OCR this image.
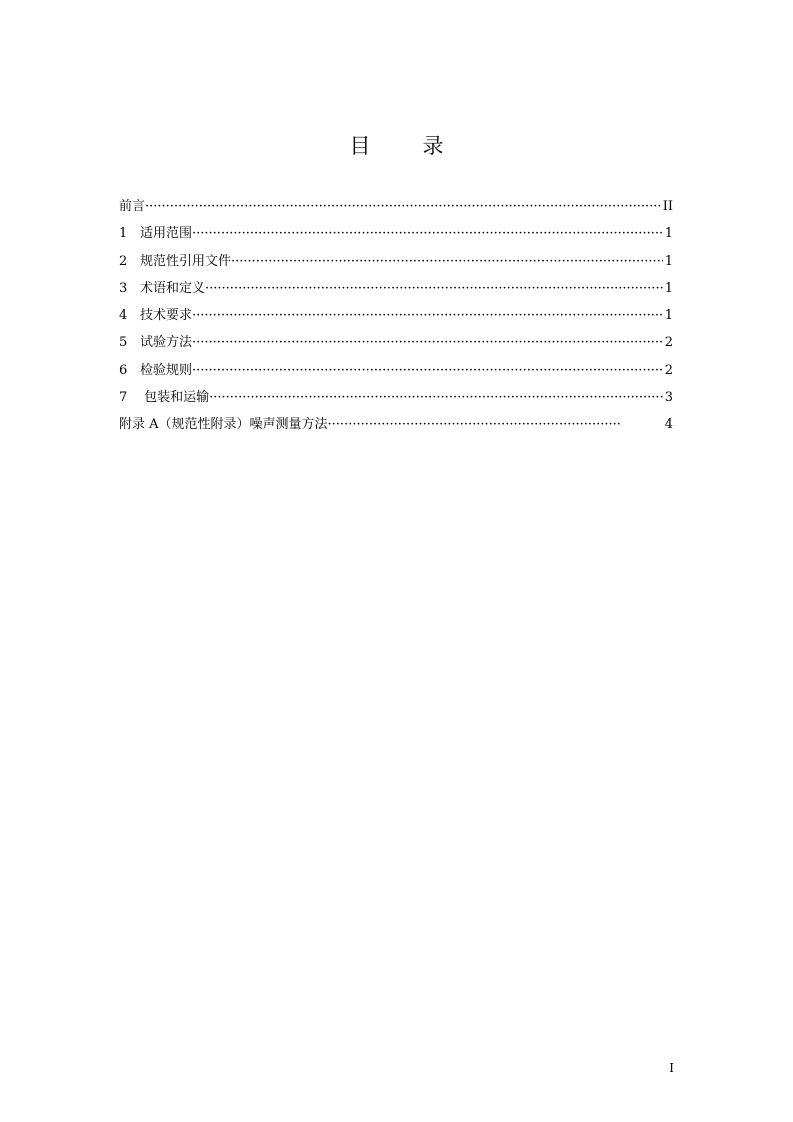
目 录
前言 ·····	II
1 适用范围 ·····	1
2 规范性引用文件 ·····	1
3 术语和定义 ·····	1
4 技术要求 ·····	1
5 试验方法 ·····	2
6 检验规则 ·····	2
7 包装和运输 ·····	3
附录 A（规范性附录）噪声测量方法 ·····	4
I
